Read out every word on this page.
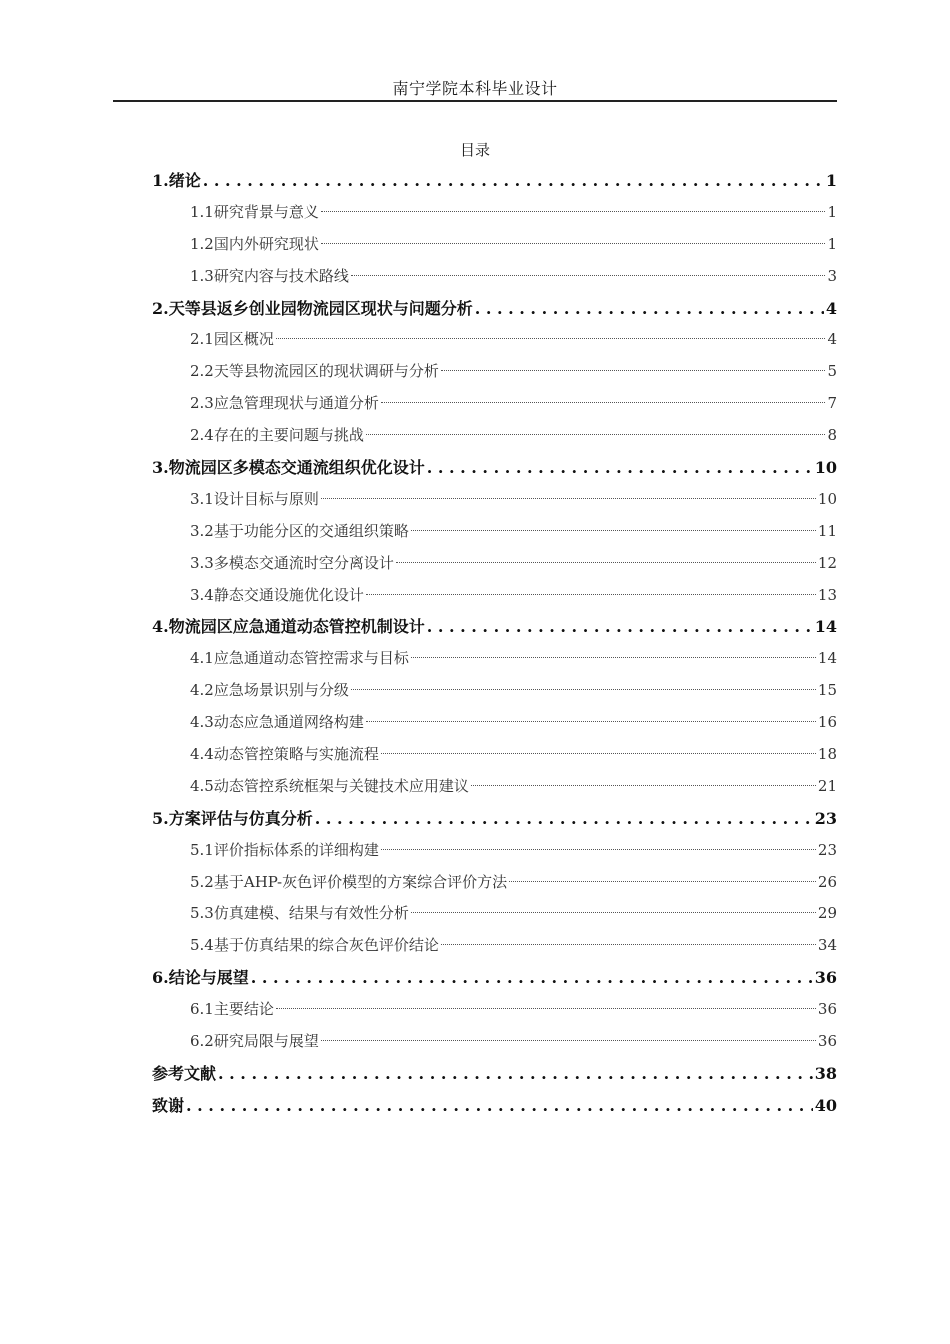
南宁学院本科毕业设计
目录
1.绪论 . . .	1
1.1研究背景与意义	1
1.2国内外研究现状	1
1.3研究内容与技术路线	3
2.天等县返乡创业园物流园区现状与问题分析 . . .	4
2.1园区概况	4
2.2天等县物流园区的现状调研与分析	5
2.3应急管理现状与通道分析	7
2.4存在的主要问题与挑战	8
3.物流园区多模态交通流组织优化设计 . . .	10
3.1设计目标与原则	10
3.2基于功能分区的交通组织策略	11
3.3多模态交通流时空分离设计	12
3.4静态交通设施优化设计	13
4.物流园区应急通道动态管控机制设计 . . .	14
4.1应急通道动态管控需求与目标	14
4.2应急场景识别与分级	15
4.3动态应急通道网络构建	16
4.4动态管控策略与实施流程	18
4.5动态管控系统框架与关键技术应用建议	21
5.方案评估与仿真分析 . . .	23
5.1评价指标体系的详细构建	23
5.2基于AHP-灰色评价模型的方案综合评价方法	26
5.3仿真建模、结果与有效性分析	29
5.4基于仿真结果的综合灰色评价结论	34
6.结论与展望 . . .	36
6.1主要结论	36
6.2研究局限与展望	36
参考文献 . . .	38
致谢 . . .	40
